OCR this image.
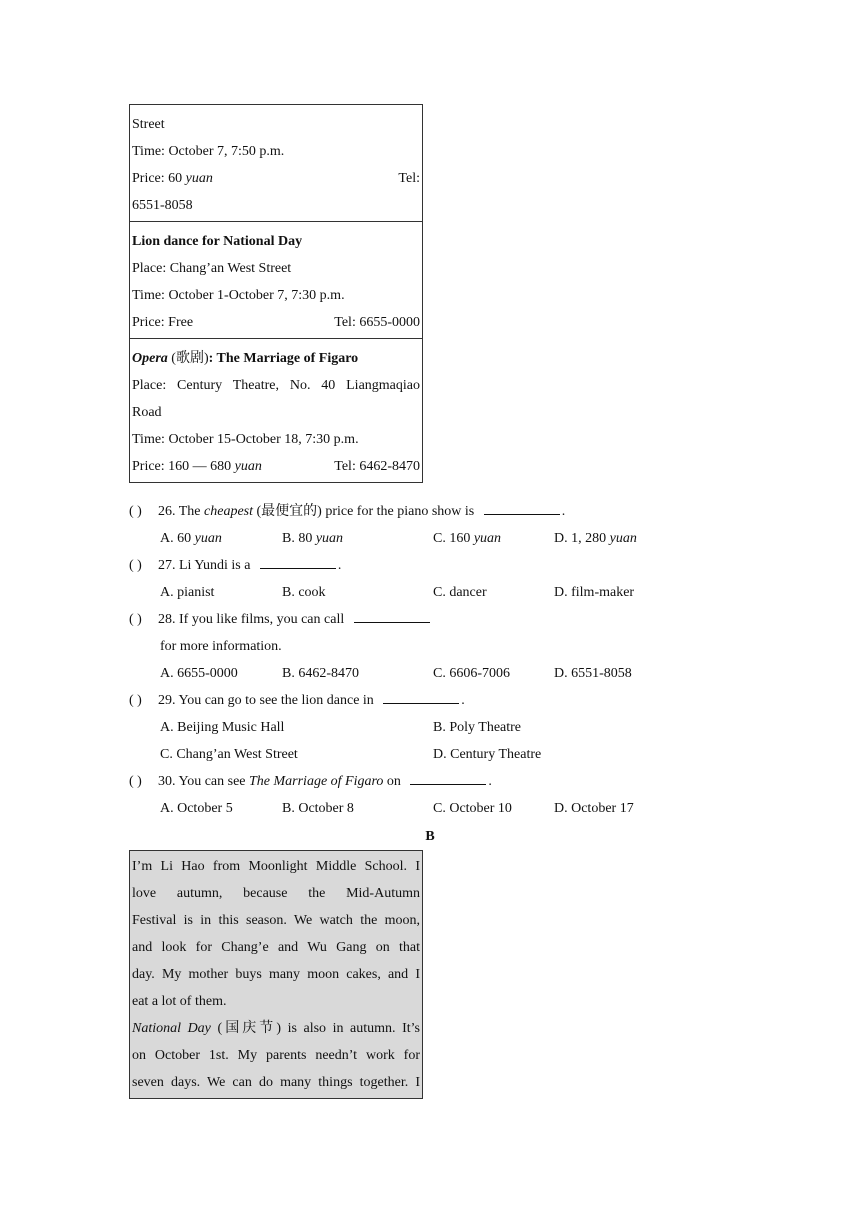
Street
Time: October 7, 7:50 p.m.
Price: 60 yuan	Tel:
6551-8058
Lion dance for National Day
Place: Chang’an West Street
Time: October 1-October 7, 7:30 p.m.
Price: Free	Tel: 6655-0000
Opera (歌剧): The Marriage of Figaro
Place: Century Theatre, No. 40 Liangmaqiao
Road
Time: October 15-October 18, 7:30 p.m.
Price: 160 — 680 yuan	Tel: 6462-8470
( ) 26. The cheapest (最便宜的) price for the piano show is	.
A. 60 yuan	B. 80 yuan	C. 160 yuan	D. 1, 280 yuan
( ) 27. Li Yundi is a	.
A. pianist	B. cook	C. dancer	D. film-maker
( ) 28. If you like films, you can call
for more information.
A. 6655-0000	B. 6462-8470	C. 6606-7006	D. 6551-8058
( ) 29. You can go to see the lion dance in	.
A. Beijing Music Hall	B. Poly Theatre
C. Chang’an West Street	D. Century Theatre
( ) 30. You can see The Marriage of Figaro on	.
A. October 5	B. October 8	C. October 10	D. October 17
B
I’m Li Hao from Moonlight Middle School. I
love autumn, because the Mid-Autumn
Festival is in this season. We watch the moon,
and look for Chang’e and Wu Gang on that
day. My mother buys many moon cakes, and I
eat a lot of them.
National Day (国庆节) is also in autumn. It’s
on October 1st. My parents needn’t work for
seven days. We can do many things together. I
